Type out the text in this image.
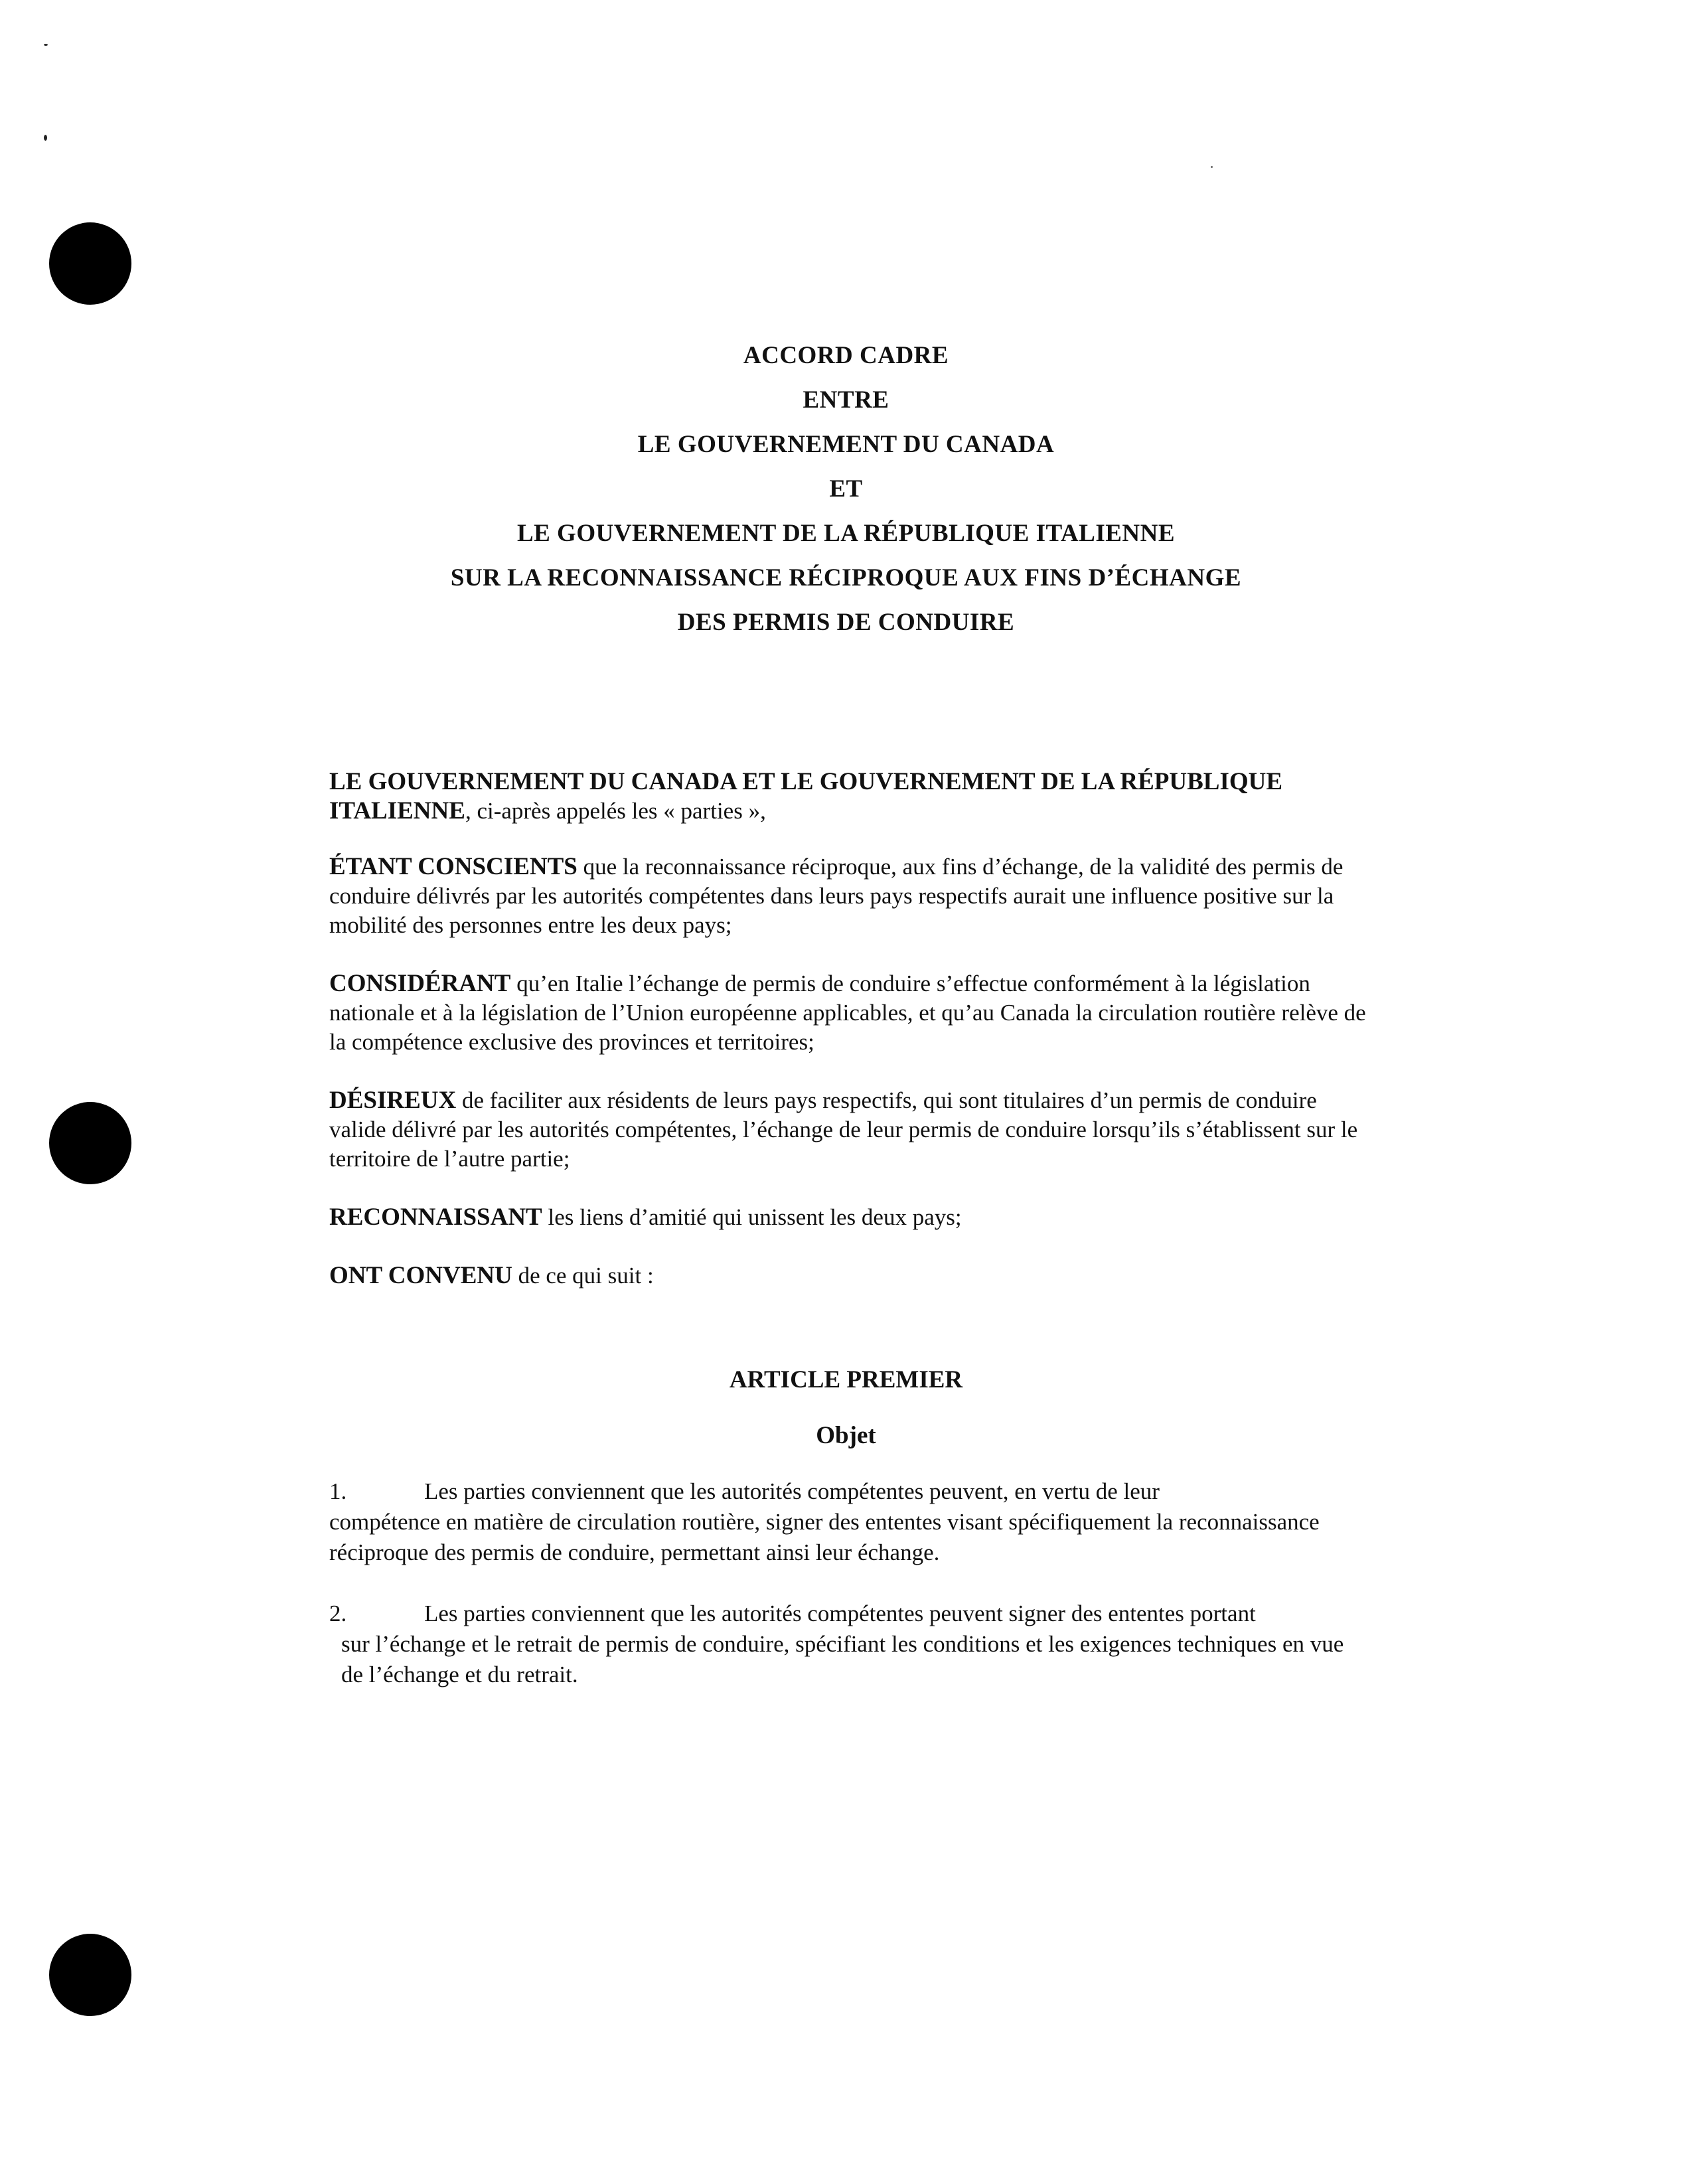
ACCORD CADRE
ENTRE
LE GOUVERNEMENT DU CANADA
ET
LE GOUVERNEMENT DE LA RÉPUBLIQUE ITALIENNE
SUR LA RECONNAISSANCE RÉCIPROQUE AUX FINS D’ÉCHANGE
DES PERMIS DE CONDUIRE

LE GOUVERNEMENT DU CANADA ET LE GOUVERNEMENT DE LA RÉPUBLIQUE ITALIENNE, ci-après appelés les « parties »,

ÉTANT CONSCIENTS que la reconnaissance réciproque, aux fins d’échange, de la validité des permis de conduire délivrés par les autorités compétentes dans leurs pays respectifs aurait une influence positive sur la mobilité des personnes entre les deux pays;

CONSIDÉRANT qu’en Italie l’échange de permis de conduire s’effectue conformément à la législation nationale et à la législation de l’Union européenne applicables, et qu’au Canada la circulation routière relève de la compétence exclusive des provinces et territoires;

DÉSIREUX de faciliter aux résidents de leurs pays respectifs, qui sont titulaires d’un permis de conduire valide délivré par les autorités compétentes, l’échange de leur permis de conduire lorsqu’ils s’établissent sur le territoire de l’autre partie;

RECONNAISSANT les liens d’amitié qui unissent les deux pays;

ONT CONVENU de ce qui suit :

ARTICLE PREMIER
Objet
1.	Les parties conviennent que les autorités compétentes peuvent, en vertu de leur
compétence en matière de circulation routière, signer des ententes visant spécifiquement la reconnaissance réciproque des permis de conduire, permettant ainsi leur échange.
2.	Les parties conviennent que les autorités compétentes peuvent signer des ententes portant
sur l’échange et le retrait de permis de conduire, spécifiant les conditions et les exigences techniques en vue de l’échange et du retrait.
